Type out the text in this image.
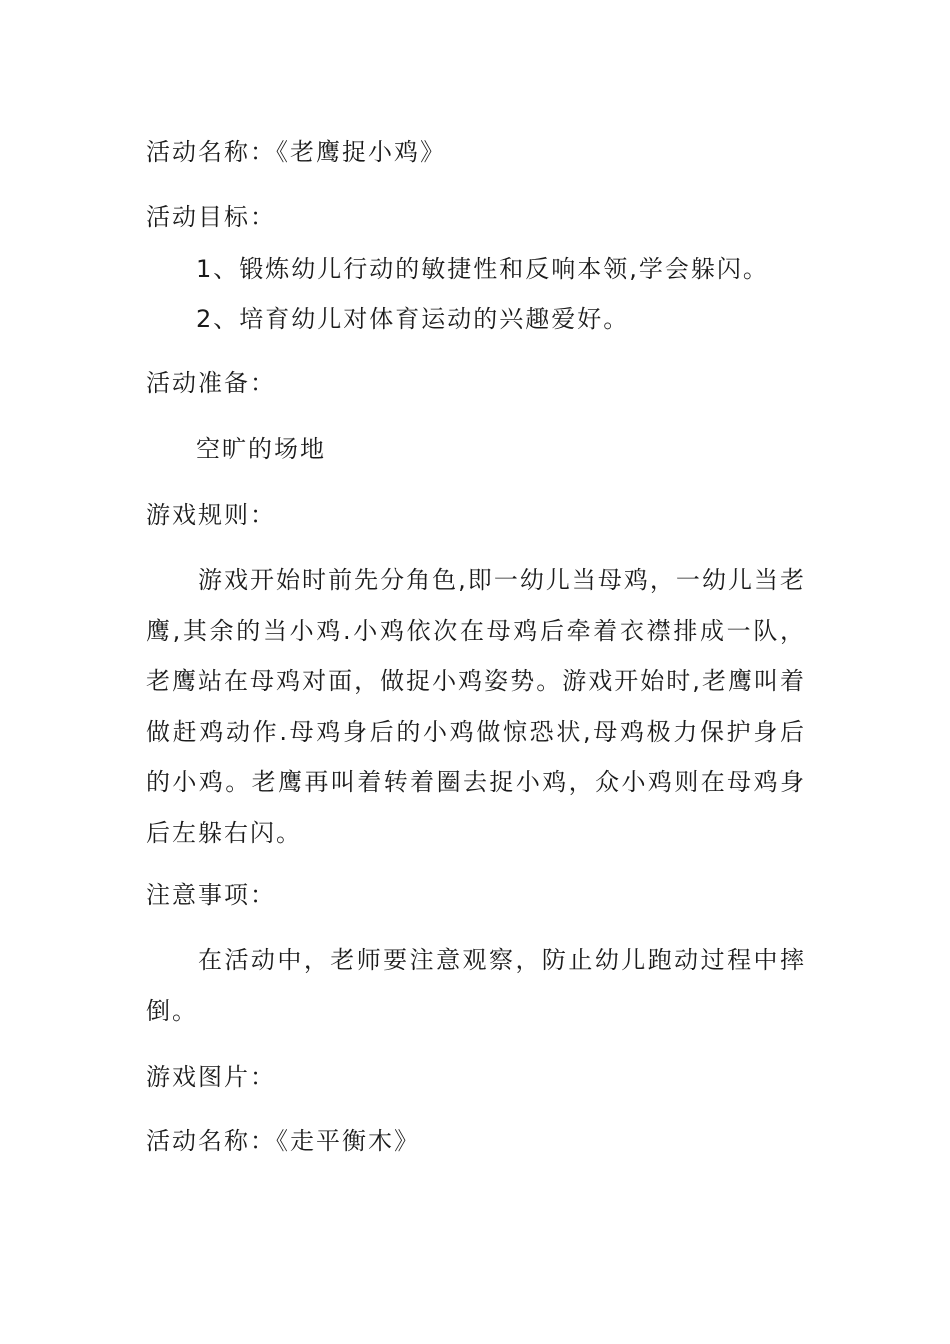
活动名称：《老鹰捉小鸡》
活动目标：
1、锻炼幼儿行动的敏捷性和反响本领,学会躲闪。
2、培育幼儿对体育运动的兴趣爱好。
活动准备：
空旷的场地
游戏规则：
游戏开始时前先分角色,即一幼儿当母鸡，一幼儿当老鹰,其余的当小鸡.小鸡依次在母鸡后牵着衣襟排成一队，老鹰站在母鸡对面，做捉小鸡姿势。游戏开始时,老鹰叫着做赶鸡动作.母鸡身后的小鸡做惊恐状,母鸡极力保护身后的小鸡。老鹰再叫着转着圈去捉小鸡，众小鸡则在母鸡身后左躲右闪。
注意事项：
在活动中，老师要注意观察，防止幼儿跑动过程中摔倒。
游戏图片：
活动名称：《走平衡木》
